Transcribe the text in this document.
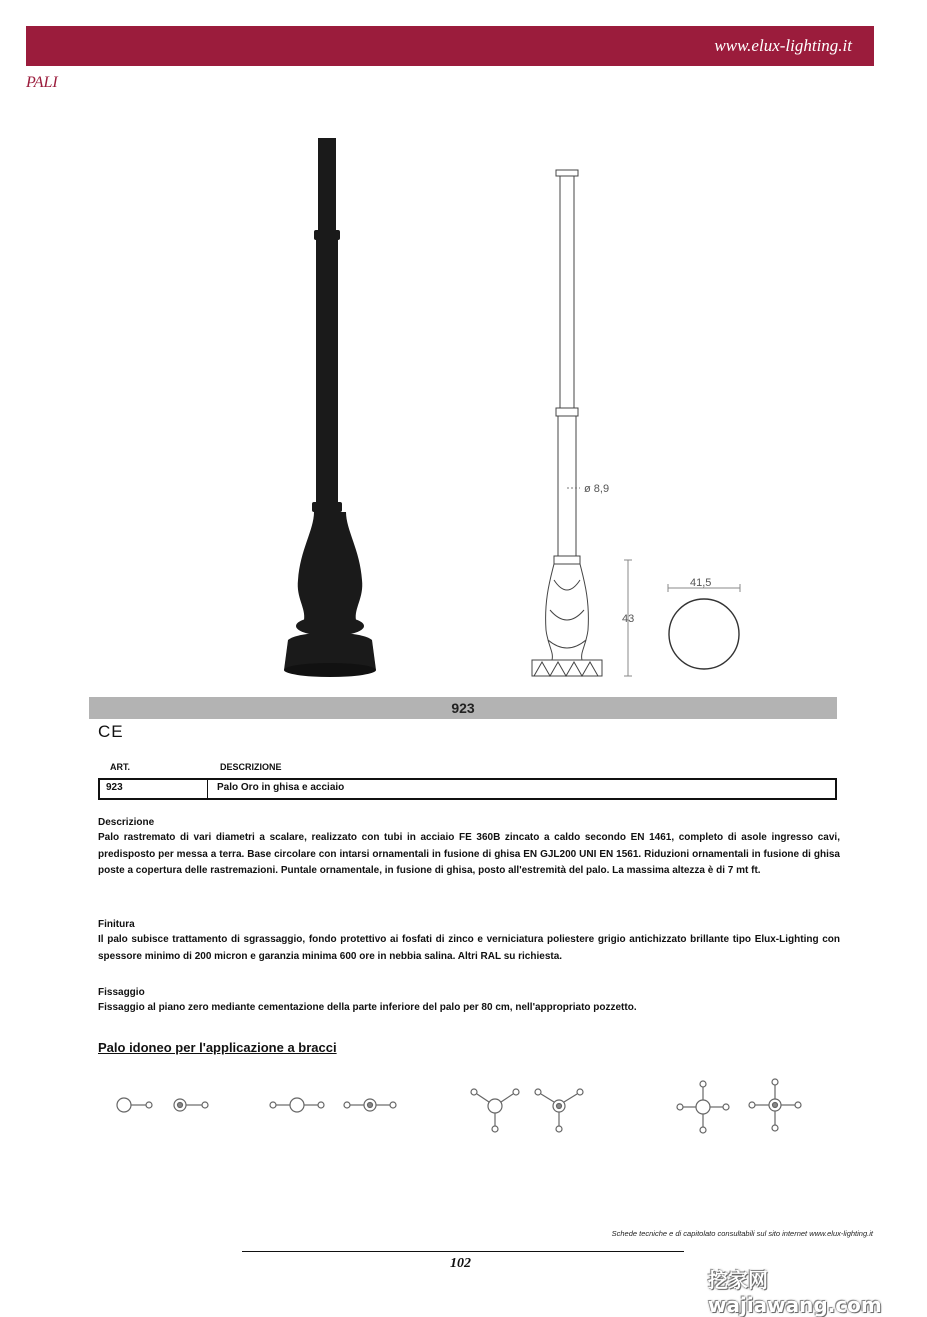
www.elux-lighting.it
PALI
ø 8,9
43
41,5
923
CE
ART.	DESCRIZIONE
923	Palo Oro in ghisa e acciaio
Descrizione

Palo rastremato di vari diametri a scalare, realizzato con tubi in acciaio FE 360B zincato a caldo secondo EN 1461, completo di asole ingresso cavi, predisposto per messa a terra. Base circolare con intarsi ornamentali in fusione di ghisa EN GJL200 UNI EN 1561. Riduzioni ornamentali in fusione di ghisa poste a copertura delle rastremazioni. Puntale ornamentale, in fusione di ghisa, posto all'estremità del palo. La massima altezza è di 7 mt ft.

Finitura

Il palo subisce trattamento di sgrassaggio, fondo protettivo ai fosfati di zinco e verniciatura poliestere grigio antichizzato brillante tipo Elux-Lighting con spessore minimo di 200 micron e garanzia minima 600 ore in nebbia salina. Altri RAL su richiesta.

Fissaggio

Fissaggio al piano zero mediante cementazione della parte inferiore del palo per 80 cm, nell'appropriato pozzetto.

Palo idoneo per l'applicazione a bracci
Schede tecniche e di capitolato consultabili sul sito internet www.elux-lighting.it
102
挖家网 wajiawang.com
